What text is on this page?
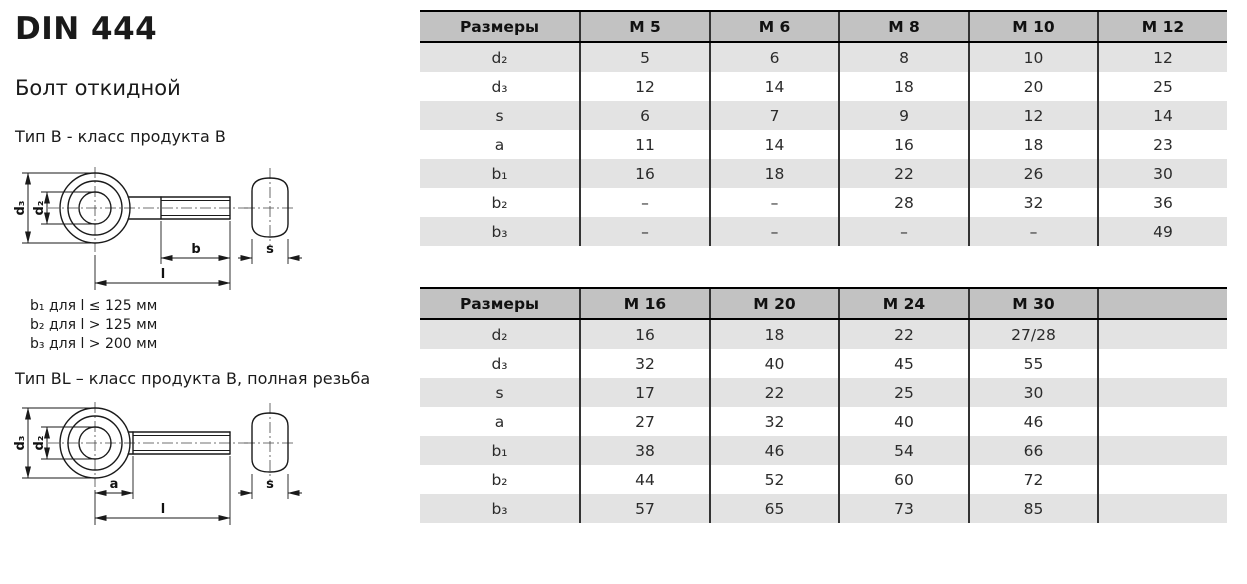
DIN 444
Болт откидной
Тип B - класс продукта B
d₃ d₂
b
l
s
b₁ для l ≤ 125 мм
b₂ для l > 125 мм
b₃ для l > 200 мм
Тип BL – класс продукта B, полная резьба
d₃ d₂
a
l
s
Размеры	M 5	M 6	M 8	M 10	M 12
d₂	5	6	8	10	12
d₃	12	14	18	20	25
s	6	7	9	12	14
a	11	14	16	18	23
b₁	16	18	22	26	30
b₂	–	–	28	32	36
b₃	–	–	–	–	49
Размеры	M 16	M 20	M 24	M 30	
d₂	16	18	22	27/28	
d₃	32	40	45	55	
s	17	22	25	30	
a	27	32	40	46	
b₁	38	46	54	66	
b₂	44	52	60	72	
b₃	57	65	73	85	
